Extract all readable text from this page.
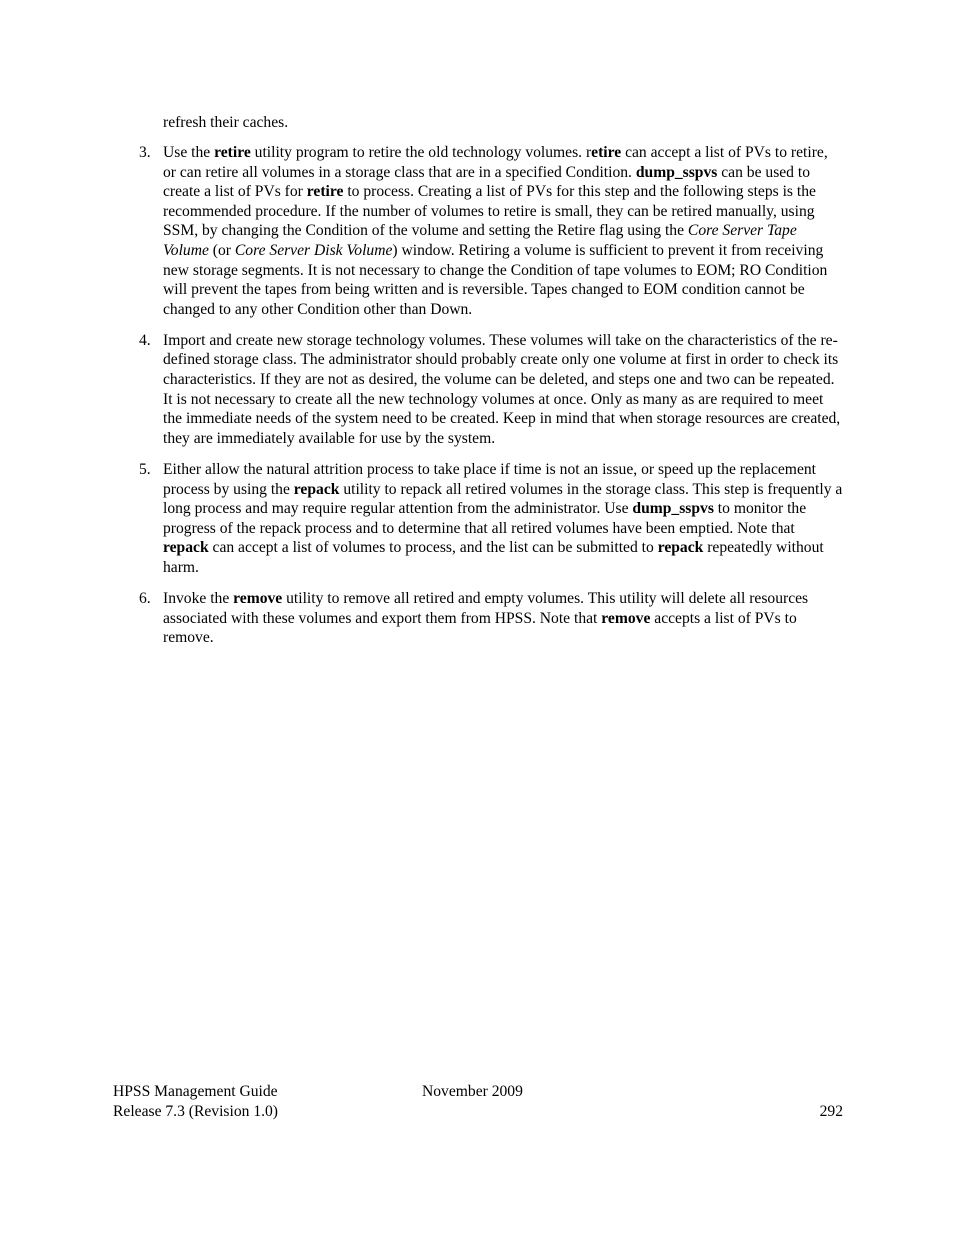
refresh their caches.

3. Use the retire utility program to retire the old technology volumes. retire can accept a list of PVs to retire, or can retire all volumes in a storage class that are in a specified Condition. dump_sspvs can be used to create a list of PVs for retire to process. Creating a list of PVs for this step and the following steps is the recommended procedure. If the number of volumes to retire is small, they can be retired manually, using SSM, by changing the Condition of the volume and setting the Retire flag using the Core Server Tape Volume (or Core Server Disk Volume) window. Retiring a volume is sufficient to prevent it from receiving new storage segments. It is not necessary to change the Condition of tape volumes to EOM; RO Condition will prevent the tapes from being written and is reversible. Tapes changed to EOM condition cannot be changed to any other Condition other than Down.
4. Import and create new storage technology volumes. These volumes will take on the characteristics of the re-defined storage class. The administrator should probably create only one volume at first in order to check its characteristics. If they are not as desired, the volume can be deleted, and steps one and two can be repeated. It is not necessary to create all the new technology volumes at once. Only as many as are required to meet the immediate needs of the system need to be created. Keep in mind that when storage resources are created, they are immediately available for use by the system.
5. Either allow the natural attrition process to take place if time is not an issue, or speed up the replacement process by using the repack utility to repack all retired volumes in the storage class. This step is frequently a long process and may require regular attention from the administrator. Use dump_sspvs to monitor the progress of the repack process and to determine that all retired volumes have been emptied. Note that repack can accept a list of volumes to process, and the list can be submitted to repack repeatedly without harm.
6. Invoke the remove utility to remove all retired and empty volumes. This utility will delete all resources associated with these volumes and export them from HPSS. Note that remove accepts a list of PVs to remove.
HPSS Management Guide
Release 7.3 (Revision 1.0)
November 2009
292
